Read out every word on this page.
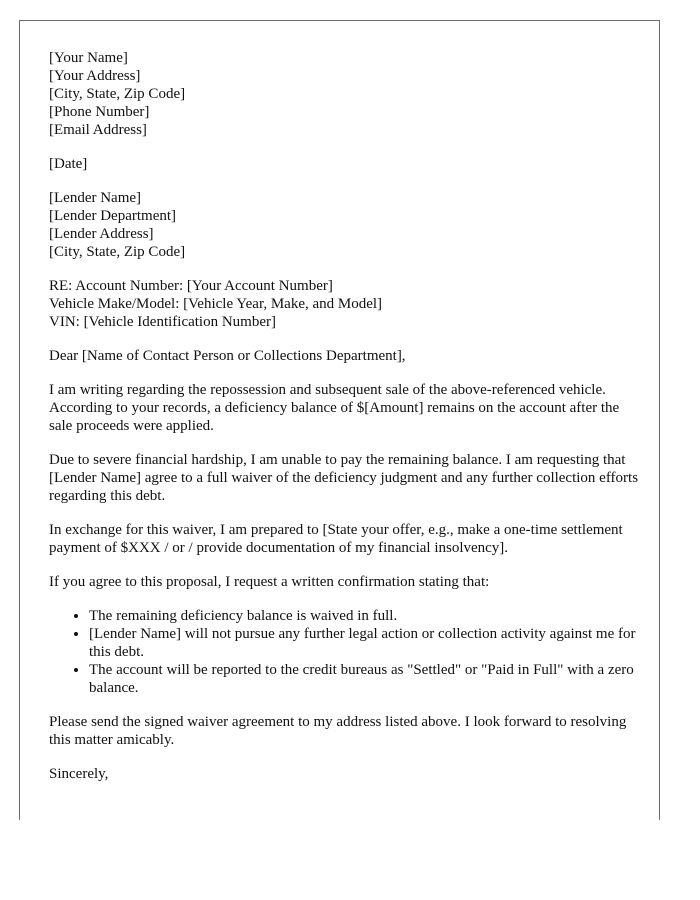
[Your Name]
[Your Address]
[City, State, Zip Code]
[Phone Number]
[Email Address]
[Date]
[Lender Name]
[Lender Department]
[Lender Address]
[City, State, Zip Code]
RE: Account Number: [Your Account Number]
Vehicle Make/Model: [Vehicle Year, Make, and Model]
VIN: [Vehicle Identification Number]

Dear [Name of Contact Person or Collections Department],

I am writing regarding the repossession and subsequent sale of the above-referenced vehicle. According to your records, a deficiency balance of $[Amount] remains on the account after the sale proceeds were applied.

Due to severe financial hardship, I am unable to pay the remaining balance. I am requesting that [Lender Name] agree to a full waiver of the deficiency judgment and any further collection efforts regarding this debt.

In exchange for this waiver, I am prepared to [State your offer, e.g., make a one-time settlement payment of $XXX / or / provide documentation of my financial insolvency].

If you agree to this proposal, I request a written confirmation stating that:

• The remaining deficiency balance is waived in full.
• [Lender Name] will not pursue any further legal action or collection activity against me for this debt.
• The account will be reported to the credit bureaus as "Settled" or "Paid in Full" with a zero balance.

Please send the signed waiver agreement to my address listed above. I look forward to resolving this matter amicably.

Sincerely,
